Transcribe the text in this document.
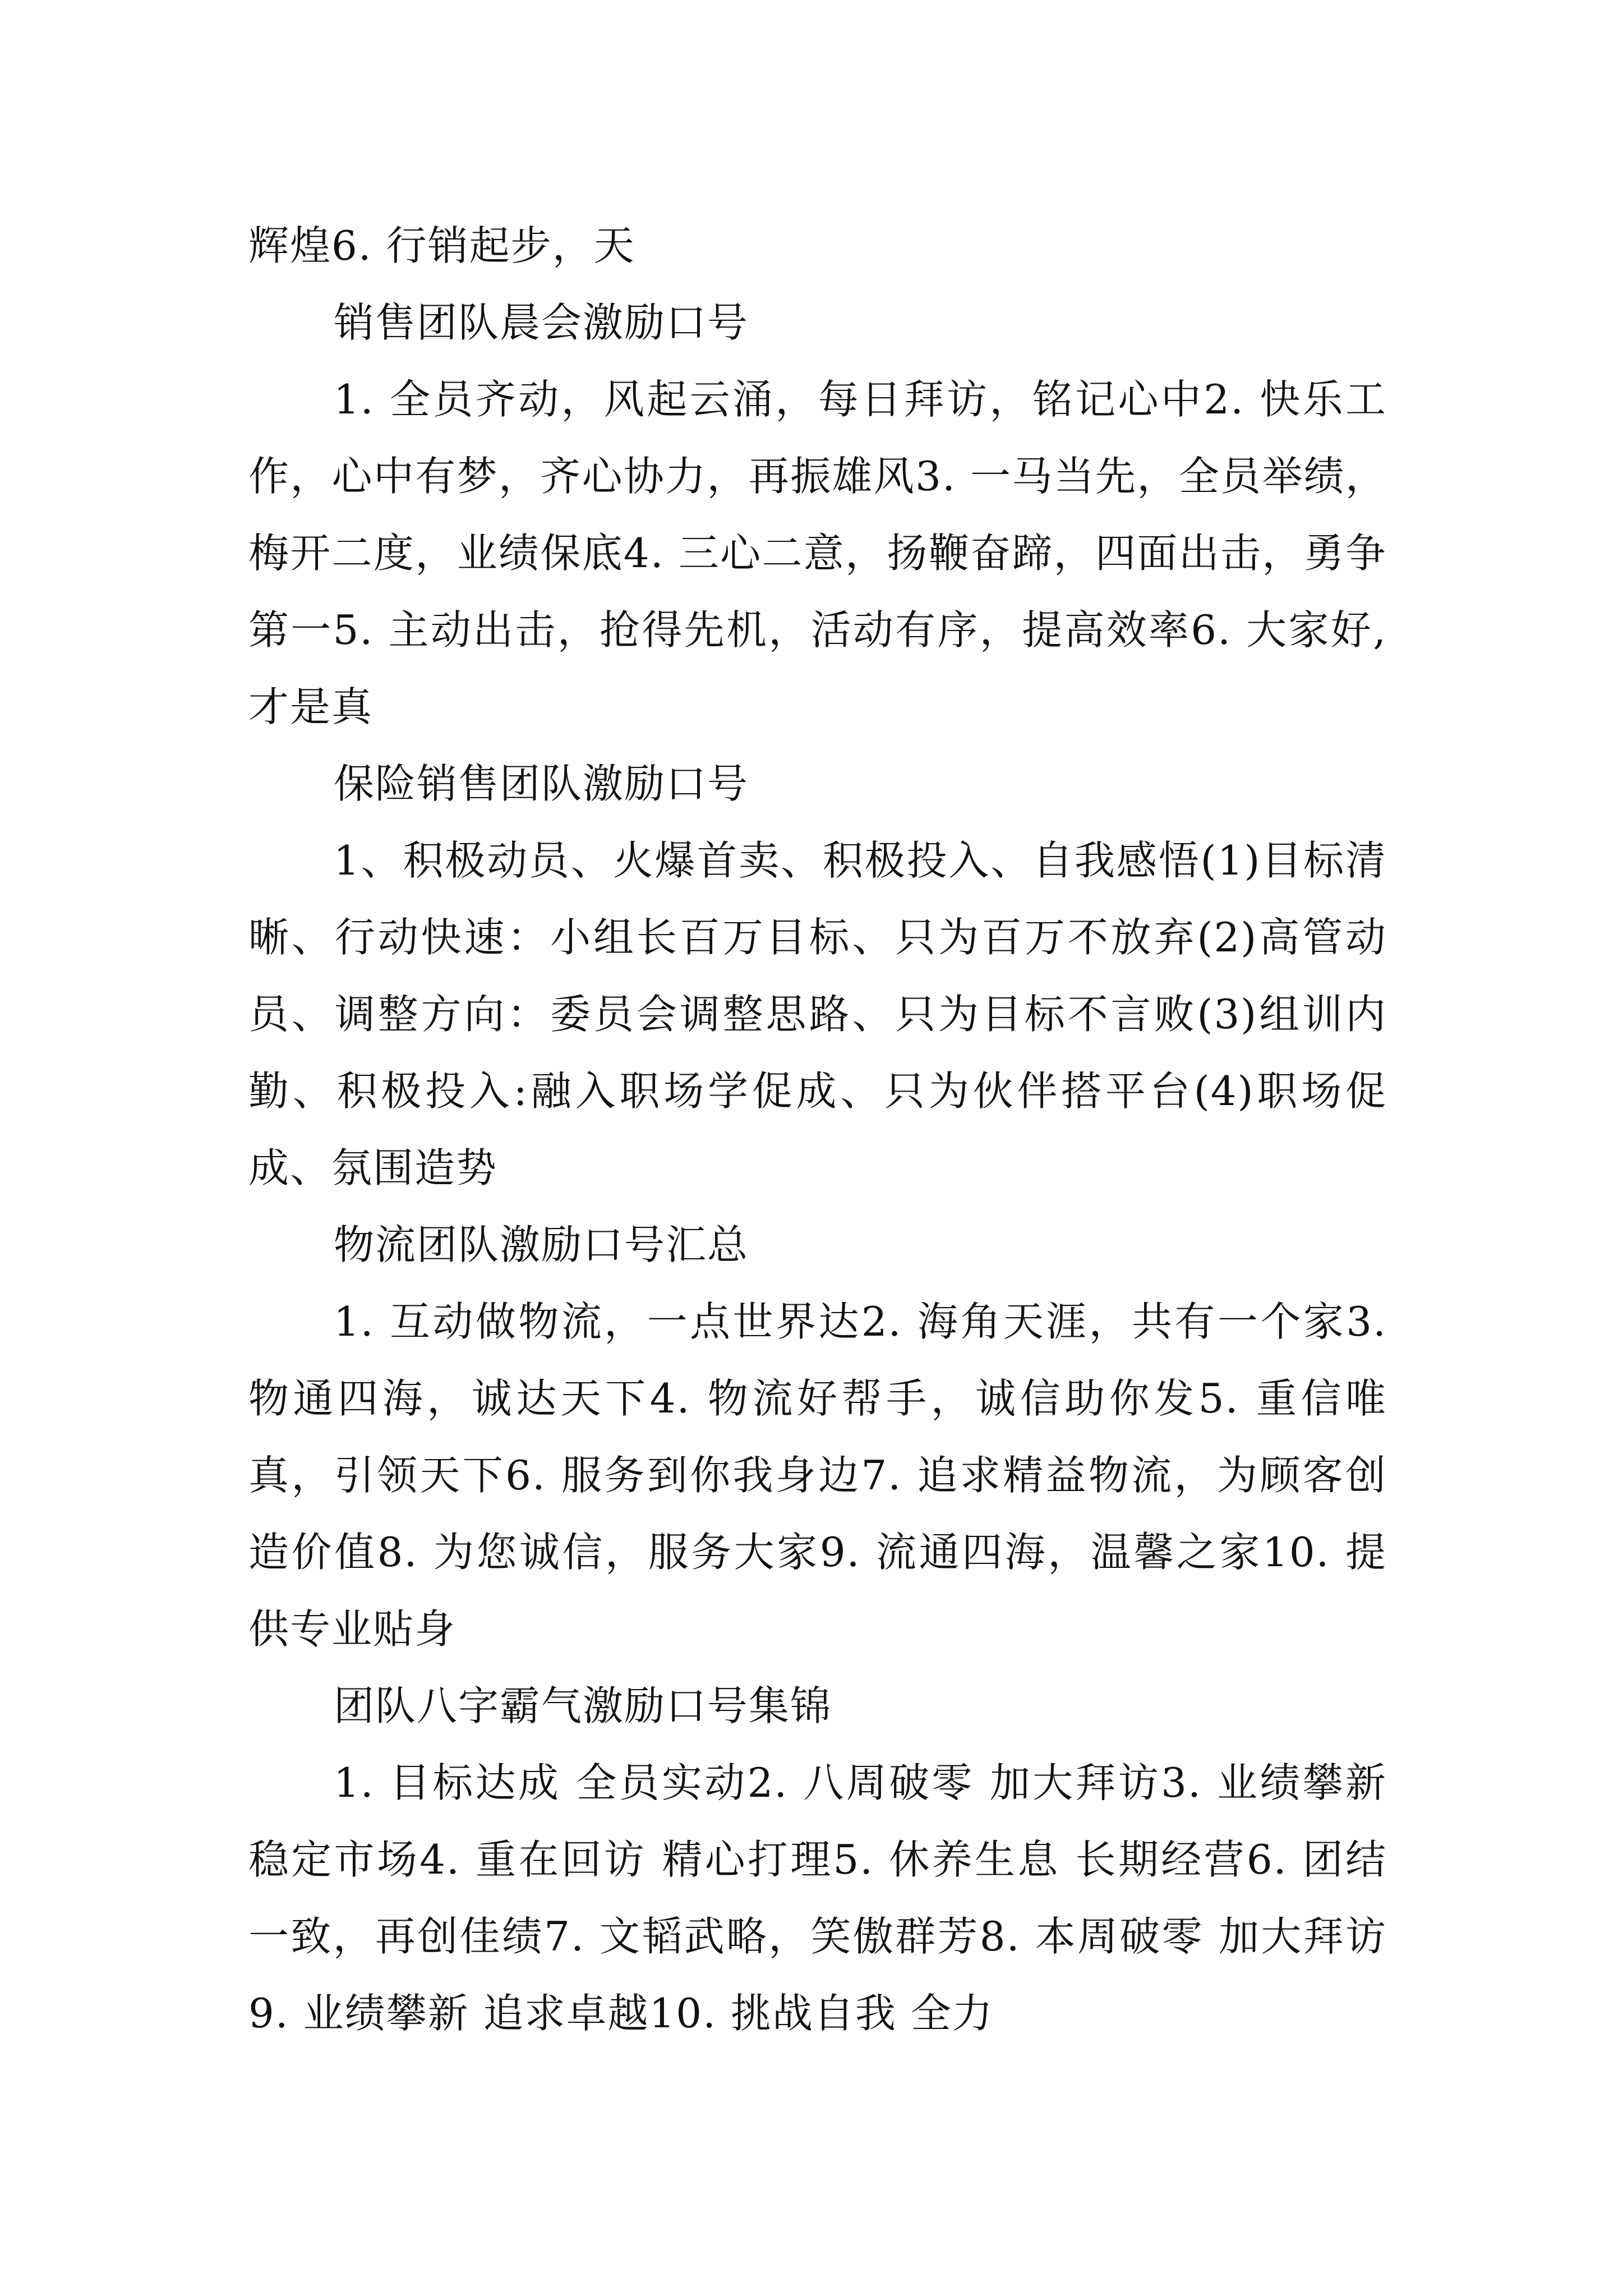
辉煌6. 行销起步，天

销售团队晨会激励口号

1. 全员齐动，风起云涌，每日拜访，铭记心中2. 快乐工作，心中有梦，齐心协力，再振雄风3. 一马当先，全员举绩，梅开二度，业绩保底4. 三心二意，扬鞭奋蹄，四面出击，勇争第一5. 主动出击，抢得先机，活动有序，提高效率6. 大家好,才是真

保险销售团队激励口号

1、积极动员、火爆首卖、积极投入、自我感悟(1)目标清晰、行动快速：小组长百万目标、只为百万不放弃(2)高管动员、调整方向：委员会调整思路、只为目标不言败(3)组训内勤、积极投入:融入职场学促成、只为伙伴搭平台(4)职场促成、氛围造势

物流团队激励口号汇总

1. 互动做物流，一点世界达2. 海角天涯，共有一个家3. 物通四海，诚达天下4. 物流好帮手，诚信助你发5. 重信唯真，引领天下6. 服务到你我身边7. 追求精益物流，为顾客创造价值8. 为您诚信，服务大家9. 流通四海，温馨之家10. 提供专业贴身

团队八字霸气激励口号集锦

1. 目标达成 全员实动2. 八周破零 加大拜访3. 业绩攀新 稳定市场4. 重在回访 精心打理5. 休养生息 长期经营6. 团结一致，再创佳绩7. 文韬武略，笑傲群芳8. 本周破零 加大拜访9. 业绩攀新 追求卓越10. 挑战自我 全力
